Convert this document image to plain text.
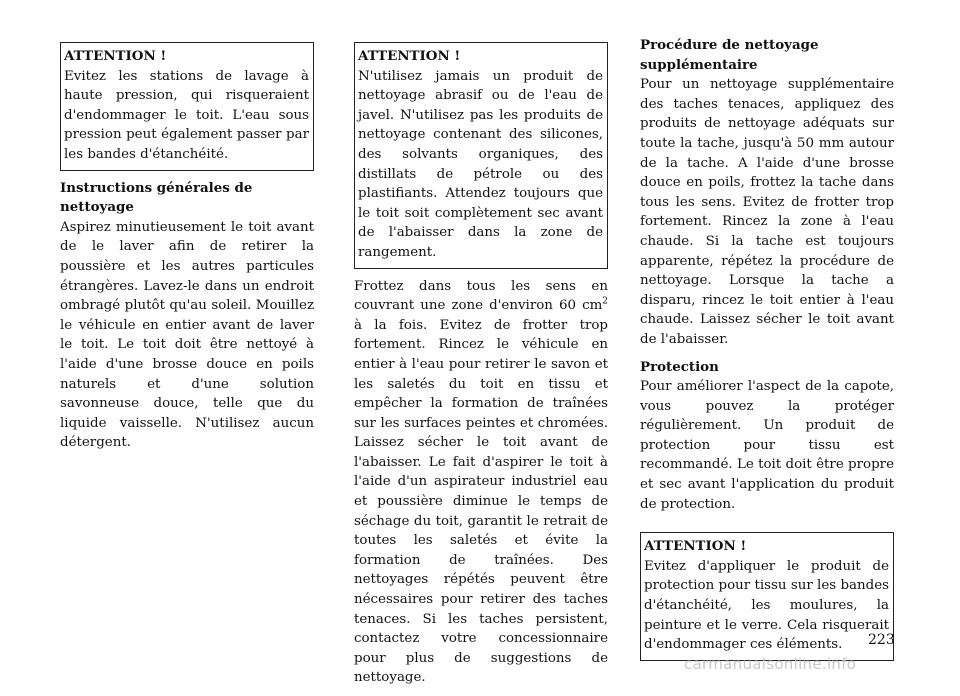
ATTENTION !
Evitez les stations de lavage à haute pression, qui risqueraient d'endommager le toit. L'eau sous pression peut également passer par les bandes d'étanchéité.
Instructions générales de nettoyage
Aspirez minutieusement le toit avant de le laver afin de retirer la poussière et les autres particules étrangères. Lavez-le dans un endroit ombragé plutôt qu'au soleil. Mouillez le véhicule en entier avant de laver le toit. Le toit doit être nettoyé à l'aide d'une brosse douce en poils naturels et d'une solution savonneuse douce, telle que du liquide vaisselle. N'utilisez aucun détergent.
ATTENTION !
N'utilisez jamais un produit de nettoyage abrasif ou de l'eau de javel. N'utilisez pas les produits de nettoyage contenant des silicones, des solvants organiques, des distillats de pétrole ou des plastifiants. Attendez toujours que le toit soit complètement sec avant de l'abaisser dans la zone de rangement.
Frottez dans tous les sens en couvrant une zone d'environ 60 $cm^2$ à la fois. Evitez de frotter trop fortement. Rincez le véhicule en entier à l'eau pour retirer le savon et les saletés du toit en tissu et empêcher la formation de traînées sur les surfaces peintes et chromées. Laissez sécher le toit avant de l'abaisser. Le fait d'aspirer le toit à l'aide d'un aspirateur industriel eau et poussière diminue le temps de séchage du toit, garantit le retrait de toutes les saletés et évite la formation de traînées. Des nettoyages répétés peuvent être nécessaires pour retirer des taches tenaces. Si les taches persistent, contactez votre concessionnaire pour plus de suggestions de nettoyage.
Procédure de nettoyage supplémentaire
Pour un nettoyage supplémentaire des taches tenaces, appliquez des produits de nettoyage adéquats sur toute la tache, jusqu'à 50 mm autour de la tache. A l'aide d'une brosse douce en poils, frottez la tache dans tous les sens. Evitez de frotter trop fortement. Rincez la zone à l'eau chaude. Si la tache est toujours apparente, répétez la procédure de nettoyage. Lorsque la tache a disparu, rincez le toit entier à l'eau chaude. Laissez sécher le toit avant de l'abaisser.
Protection
Pour améliorer l'aspect de la capote, vous pouvez la protéger régulièrement. Un produit de protection pour tissu est recommandé. Le toit doit être propre et sec avant l'application du produit de protection.
ATTENTION !
Evitez d'appliquer le produit de protection pour tissu sur les bandes d'étanchéité, les moulures, la peinture et le verre. Cela risquerait d'endommager ces éléments.	223
carmanualsonline.info
